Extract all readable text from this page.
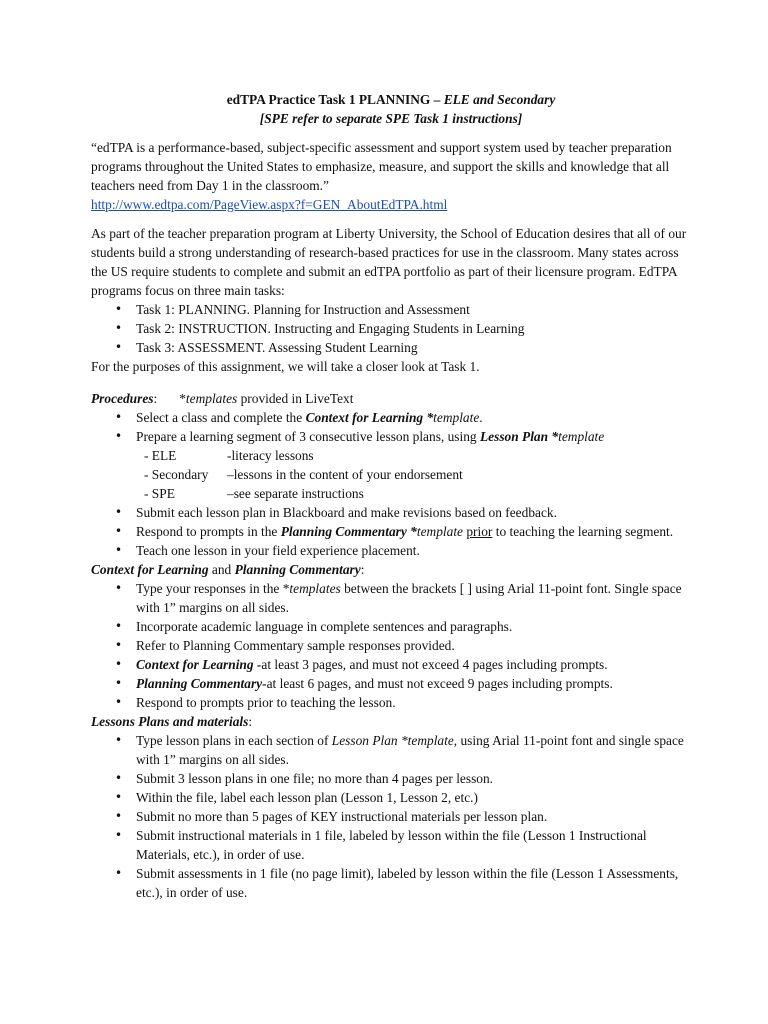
edTPA Practice Task 1 PLANNING – ELE and Secondary

[SPE refer to separate SPE Task 1 instructions]

“edTPA is a performance-based, subject-specific assessment and support system used by teacher preparation programs throughout the United States to emphasize, measure, and support the skills and knowledge that all teachers need from Day 1 in the classroom.”

http://www.edtpa.com/PageView.aspx?f=GEN_AboutEdTPA.html

As part of the teacher preparation program at Liberty University, the School of Education desires that all of our students build a strong understanding of research-based practices for use in the classroom. Many states across the US require students to complete and submit an edTPA portfolio as part of their licensure program. EdTPA programs focus on three main tasks:

• Task 1: PLANNING. Planning for Instruction and Assessment
• Task 2: INSTRUCTION. Instructing and Engaging Students in Learning
• Task 3: ASSESSMENT. Assessing Student Learning

For the purposes of this assignment, we will take a closer look at Task 1.

Procedures: *templates provided in LiveText

• Select a class and complete the Context for Learning *template.
• Prepare a learning segment of 3 consecutive lesson plans, using Lesson Plan *template
- ELE	-literacy lessons
- Secondary –lessons in the content of your endorsement
- SPE	–see separate instructions
• Submit each lesson plan in Blackboard and make revisions based on feedback.
• Respond to prompts in the Planning Commentary *template prior to teaching the learning segment.
• Teach one lesson in your field experience placement.

Context for Learning and Planning Commentary:

• Type your responses in the *templates between the brackets [ ] using Arial 11-point font. Single space with 1” margins on all sides.
• Incorporate academic language in complete sentences and paragraphs.
• Refer to Planning Commentary sample responses provided.
• Context for Learning -at least 3 pages, and must not exceed 4 pages including prompts.
• Planning Commentary-at least 6 pages, and must not exceed 9 pages including prompts.
• Respond to prompts prior to teaching the lesson.

Lessons Plans and materials:

• Type lesson plans in each section of Lesson Plan *template, using Arial 11-point font and single space with 1” margins on all sides.
• Submit 3 lesson plans in one file; no more than 4 pages per lesson.
• Within the file, label each lesson plan (Lesson 1, Lesson 2, etc.)
• Submit no more than 5 pages of KEY instructional materials per lesson plan.
• Submit instructional materials in 1 file, labeled by lesson within the file (Lesson 1 Instructional Materials, etc.), in order of use.
• Submit assessments in 1 file (no page limit), labeled by lesson within the file (Lesson 1 Assessments, etc.), in order of use.
